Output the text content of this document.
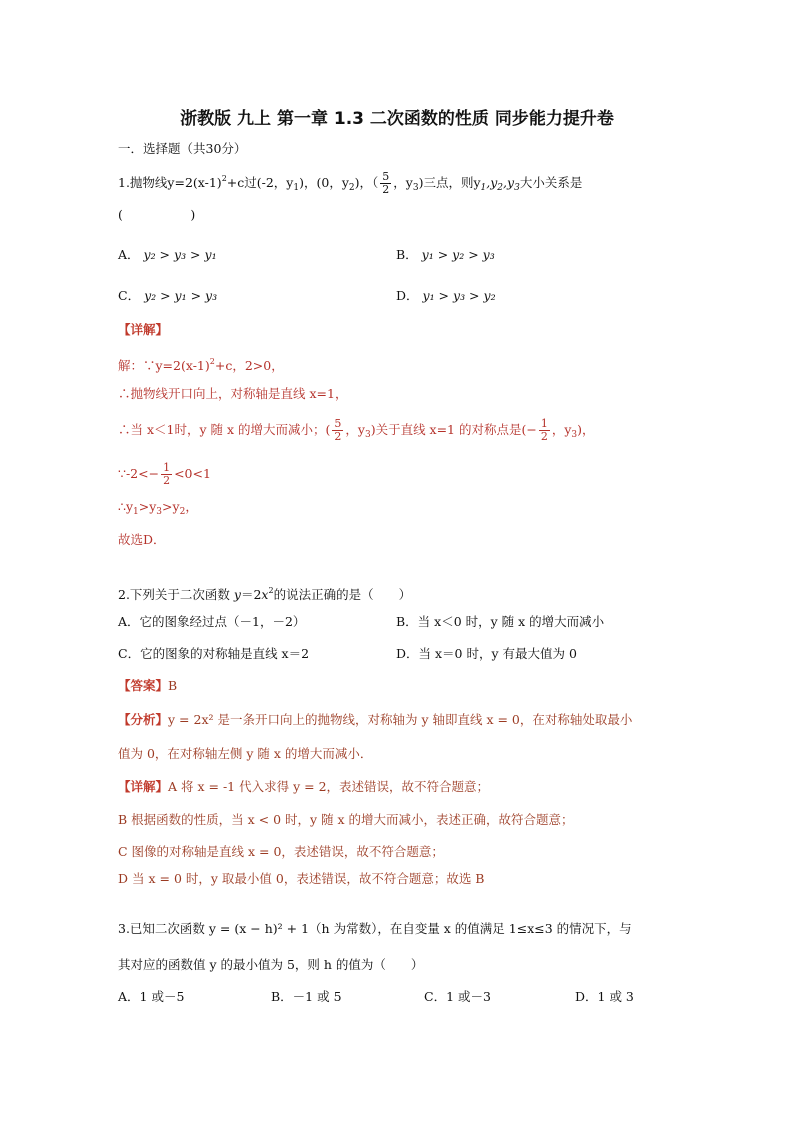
浙教版 九上 第一章 1.3 二次函数的性质 同步能力提升卷
一．选择题（共30分）
1.抛物线$y=2(x-1)^2+c$过(-2，$y_1$)，(0，$y_2$)，（ $\frac{5}{2}$ ，$y_3$)三点，则$y_1,y_2,y_3$大小关系是
(                 )
A． y₂ > y₃ > y₁	B． y₁ > y₂ > y₃
C． y₂ > y₁ > y₃	D． y₁ > y₃ > y₂
【详解】
解：$\because y=2(x-1)^2+c$，2>0，
∴抛物线开口向上，对称轴是直线 x=1，
∴当 x＜1时，y 随 x 的增大而减小；( $\frac{5}{2}$ ，$y_3$)关于直线 x=1 的对称点是(− $\frac{1}{2}$ ，$y_3$)，
∵-2<− $\frac{1}{2} <0<1$
$\therefore y_1>y_3>y_2$，
故选D．
2.下列关于二次函数 $y=2x^2$的说法正确的是（　　）
A．它的图象经过点（－1，－2）	B．当 x＜0 时，y 随 x 的增大而减小
C．它的图象的对称轴是直线 x＝2	D．当 x＝0 时，y 有最大值为 0
【答案】B
【分析】y = 2x² 是一条开口向上的抛物线，对称轴为 y 轴即直线 x = 0，在对称轴处取最小
值为 0，在对称轴左侧 y 随 x 的增大而减小．
【详解】A 将 x = -1 代入求得 y = 2，表述错误，故不符合题意；
B 根据函数的性质，当 x < 0 时，y 随 x 的增大而减小，表述正确，故符合题意；
C 图像的对称轴是直线 x = 0，表述错误，故不符合题意；
D 当 x = 0 时，y 取最小值 0，表述错误，故不符合题意；故选 B
3.已知二次函数 y = (x − h)² + 1（h 为常数），在自变量 x 的值满足 1≤x≤3 的情况下，与
其对应的函数值 y 的最小值为 5，则 h 的值为（　　）
A．1 或－5	B．－1 或 5	C．1 或－3	D．1 或 3
